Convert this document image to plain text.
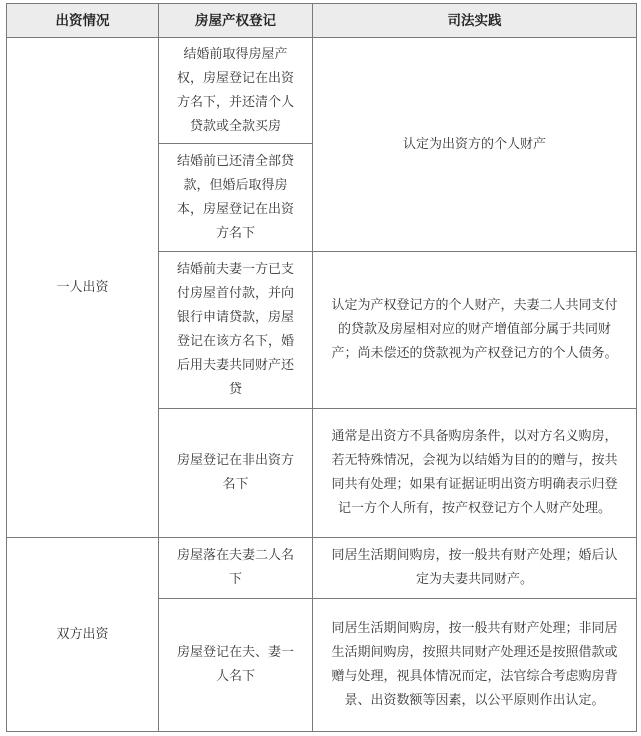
出资情况	房屋产权登记	司法实践
一人出资	结婚前取得房屋产权，房屋登记在出资方名下，并还清个人贷款或全款买房	认定为出资方的个人财产
	结婚前已还清全部贷款，但婚后取得房本，房屋登记在出资方名下	
	结婚前夫妻一方已支付房屋首付款，并向银行申请贷款，房屋登记在该方名下，婚后用夫妻共同财产还贷	认定为产权登记方的个人财产，夫妻二人共同支付的贷款及房屋相对应的财产增值部分属于共同财产；尚未偿还的贷款视为产权登记方的个人债务。
	房屋登记在非出资方名下	通常是出资方不具备购房条件，以对方名义购房，若无特殊情况，会视为以结婚为目的的赠与，按共同共有处理；如果有证据证明出资方明确表示归登记一方个人所有，按产权登记方个人财产处理。
双方出资	房屋落在夫妻二人名下	同居生活期间购房，按一般共有财产处理；婚后认定为夫妻共同财产。
	房屋登记在夫、妻一人名下	同居生活期间购房，按一般共有财产处理；非同居生活期间购房，按照共同财产处理还是按照借款或赠与处理，视具体情况而定，法官综合考虑购房背景、出资数额等因素，以公平原则作出认定。
